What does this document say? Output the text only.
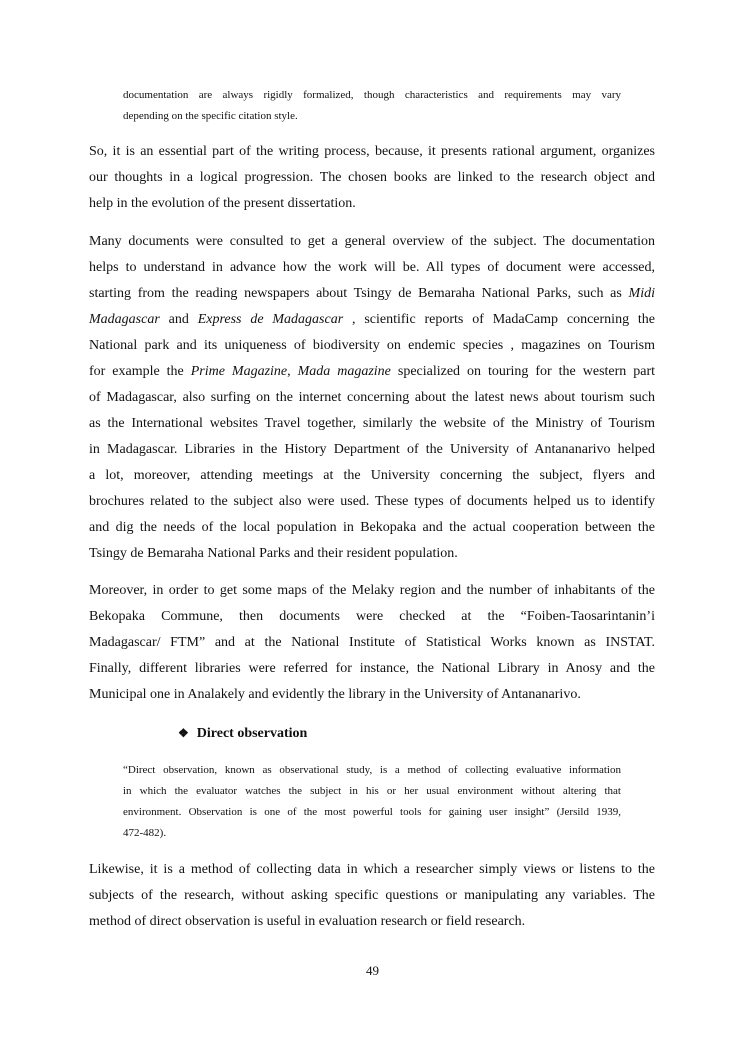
documentation are always rigidly formalized, though characteristics and requirements may vary
depending on the specific citation style.
So, it is an essential part of the writing process, because, it presents rational argument, organizes
our thoughts in a logical progression. The chosen books are linked to the research object and
help in the evolution of the present dissertation.
Many documents were consulted to get a general overview of the subject. The documentation
helps to understand in advance how the work will be. All types of document were accessed,
starting from the reading newspapers about Tsingy de Bemaraha National Parks, such as Midi
Madagascar and Express de Madagascar , scientific reports of MadaCamp concerning the
National park and its uniqueness of biodiversity on endemic species , magazines on Tourism
for example the Prime Magazine, Mada magazine specialized on touring for the western part
of Madagascar, also surfing on the internet concerning about the latest news about tourism such
as the International websites Travel together, similarly the website of the Ministry of Tourism
in Madagascar. Libraries in the History Department of the University of Antananarivo helped
a lot, moreover, attending meetings at the University concerning the subject, flyers and
brochures related to the subject also were used. These types of documents helped us to identify
and dig the needs of the local population in Bekopaka and the actual cooperation between the
Tsingy de Bemaraha National Parks and their resident population.
Moreover, in order to get some maps of the Melaky region and the number of inhabitants of the
Bekopaka Commune, then documents were checked at the “Foiben-Taosarintanin’i
Madagascar/ FTM” and at the National Institute of Statistical Works known as INSTAT.
Finally, different libraries were referred for instance, the National Library in Anosy and the
Municipal one in Analakely and evidently the library in the University of Antananarivo.
❖ Direct observation
“Direct observation, known as observational study, is a method of collecting evaluative information
in which the evaluator watches the subject in his or her usual environment without altering that
environment. Observation is one of the most powerful tools for gaining user insight” (Jersild 1939,
472-482).
Likewise, it is a method of collecting data in which a researcher simply views or listens to the
subjects of the research, without asking specific questions or manipulating any variables. The
method of direct observation is useful in evaluation research or field research.
49
